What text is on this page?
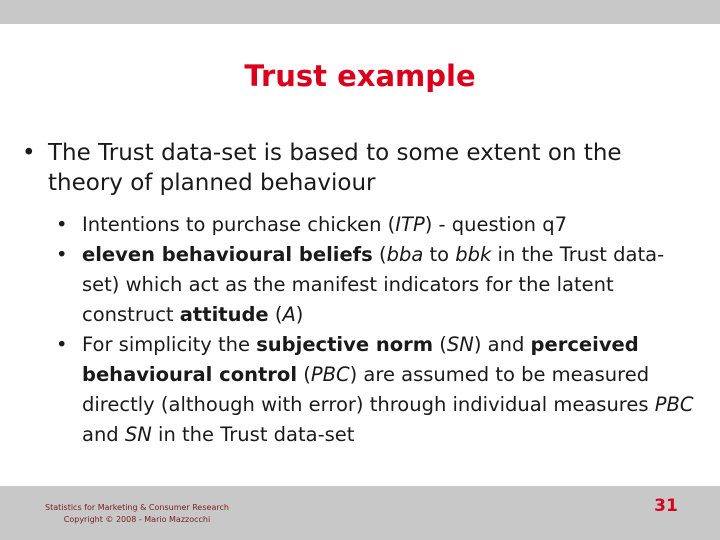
Trust example
• The Trust data-set is based to some extent on the theory of planned behaviour
• Intentions to purchase chicken (ITP) - question q7
• eleven behavioural beliefs (bba to bbk in the Trust data-set) which act as the manifest indicators for the latent construct attitude (A)
• For simplicity the subjective norm (SN) and perceived behavioural control (PBC) are assumed to be measured directly (although with error) through individual measures PBC and SN in the Trust data-set
Statistics for Marketing & Consumer Research
Copyright © 2008 - Mario Mazzocchi
31
